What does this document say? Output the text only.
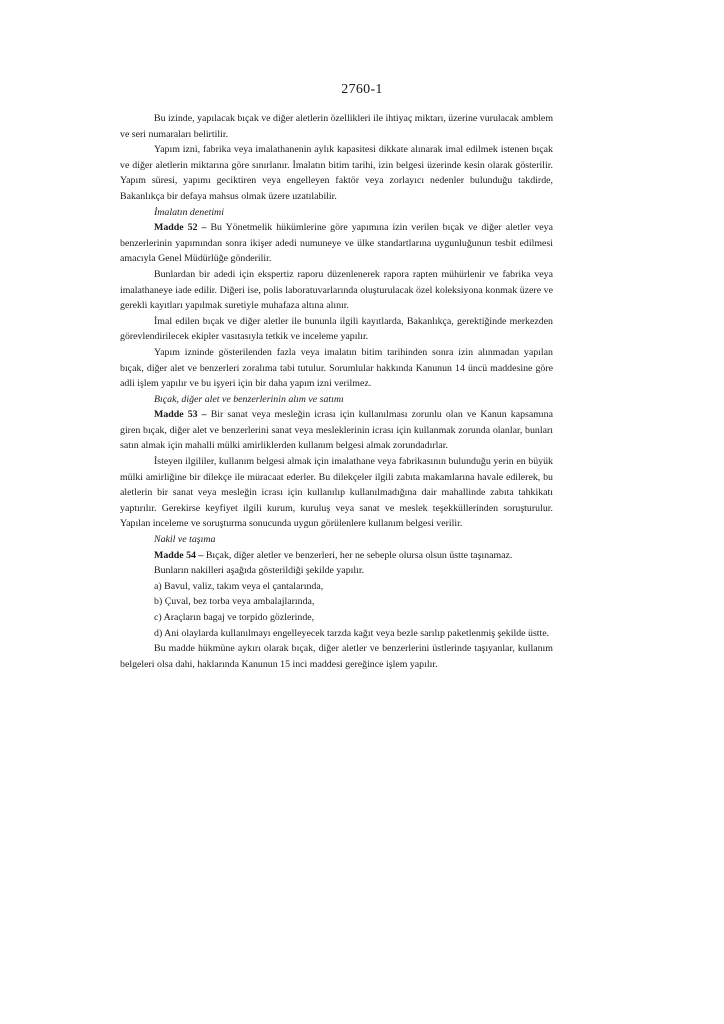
2760-1

Bu izinde, yapılacak bıçak ve diğer aletlerin özellikleri ile ihtiyaç miktarı, üzerine vurulacak amblem ve seri numaraları belirtilir.

Yapım izni, fabrika veya imalathanenin aylık kapasitesi dikkate alınarak imal edilmek istenen bıçak ve diğer aletlerin miktarına göre sınırlanır. İmalatın bitim tarihi, izin belgesi üzerinde kesin olarak gösterilir. Yapım süresi, yapımı geciktiren veya engelleyen faktör veya zorlayıcı nedenler bulunduğu takdirde, Bakanlıkça bir defaya mahsus olmak üzere uzatılabilir.

İmalatın denetimi

Madde 52 – Bu Yönetmelik hükümlerine göre yapımına izin verilen bıçak ve diğer aletler veya benzerlerinin yapımından sonra ikişer adedi numuneye ve ülke standartlarına uygunluğunun tesbit edilmesi amacıyla Genel Müdürlüğe gönderilir.

Bunlardan bir adedi için ekspertiz raporu düzenlenerek rapora rapten mühürlenir ve fabrika veya imalathaneye iade edilir. Diğeri ise, polis laboratuvarlarında oluşturulacak özel koleksiyona konmak üzere ve gerekli kayıtları yapılmak suretiyle muhafaza altına alınır.

İmal edilen bıçak ve diğer aletler ile bununla ilgili kayıtlarda, Bakanlıkça, gerektiğinde merkezden görevlendirilecek ekipler vasıtasıyla tetkik ve inceleme yapılır.

Yapım izninde gösterilenden fazla veya imalatın bitim tarihinden sonra izin alınmadan yapılan bıçak, diğer alet ve benzerleri zoralıma tabi tutulur. Sorumlular hakkında Kanunun 14 üncü maddesine göre adli işlem yapılır ve bu işyeri için bir daha yapım izni verilmez.

Bıçak, diğer alet ve benzerlerinin alım ve satımı

Madde 53 – Bir sanat veya mesleğin icrası için kullanılması zorunlu olan ve Kanun kapsamına giren bıçak, diğer alet ve benzerlerini sanat veya mesleklerinin icrası için kullanmak zorunda olanlar, bunları satın almak için mahalli mülki amirliklerden kullanım belgesi almak zorundadırlar.

İsteyen ilgililer, kullanım belgesi almak için imalathane veya fabrikasının bulunduğu yerin en büyük mülki amirliğine bir dilekçe ile müracaat ederler. Bu dilekçeler ilgili zabıta makamlarına havale edilerek, bu aletlerin bir sanat veya mesleğin icrası için kullanılıp kullanılmadığına dair mahallinde zabıta tahkikatı yaptırılır. Gerekirse keyfiyet ilgili kurum, kuruluş veya sanat ve meslek teşekküllerinden soruşturulur. Yapılan inceleme ve soruşturma sonucunda uygun görülenlere kullanım belgesi verilir.

Nakil ve taşıma

Madde 54 – Bıçak, diğer aletler ve benzerleri, her ne sebeple olursa olsun üstte taşınamaz.

Bunların nakilleri aşağıda gösterildiği şekilde yapılır.

a) Bavul, valiz, takım veya el çantalarında,

b) Çuval, bez torba veya ambalajlarında,

c) Araçların bagaj ve torpido gözlerinde,

d) Ani olaylarda kullanılmayı engelleyecek tarzda kağıt veya bezle sarılıp paketlenmiş şekilde üstte.

Bu madde hükmüne aykırı olarak bıçak, diğer aletler ve benzerlerini üstlerinde taşıyanlar, kullanım belgeleri olsa dahi, haklarında Kanunun 15 inci maddesi gereğince işlem yapılır.
